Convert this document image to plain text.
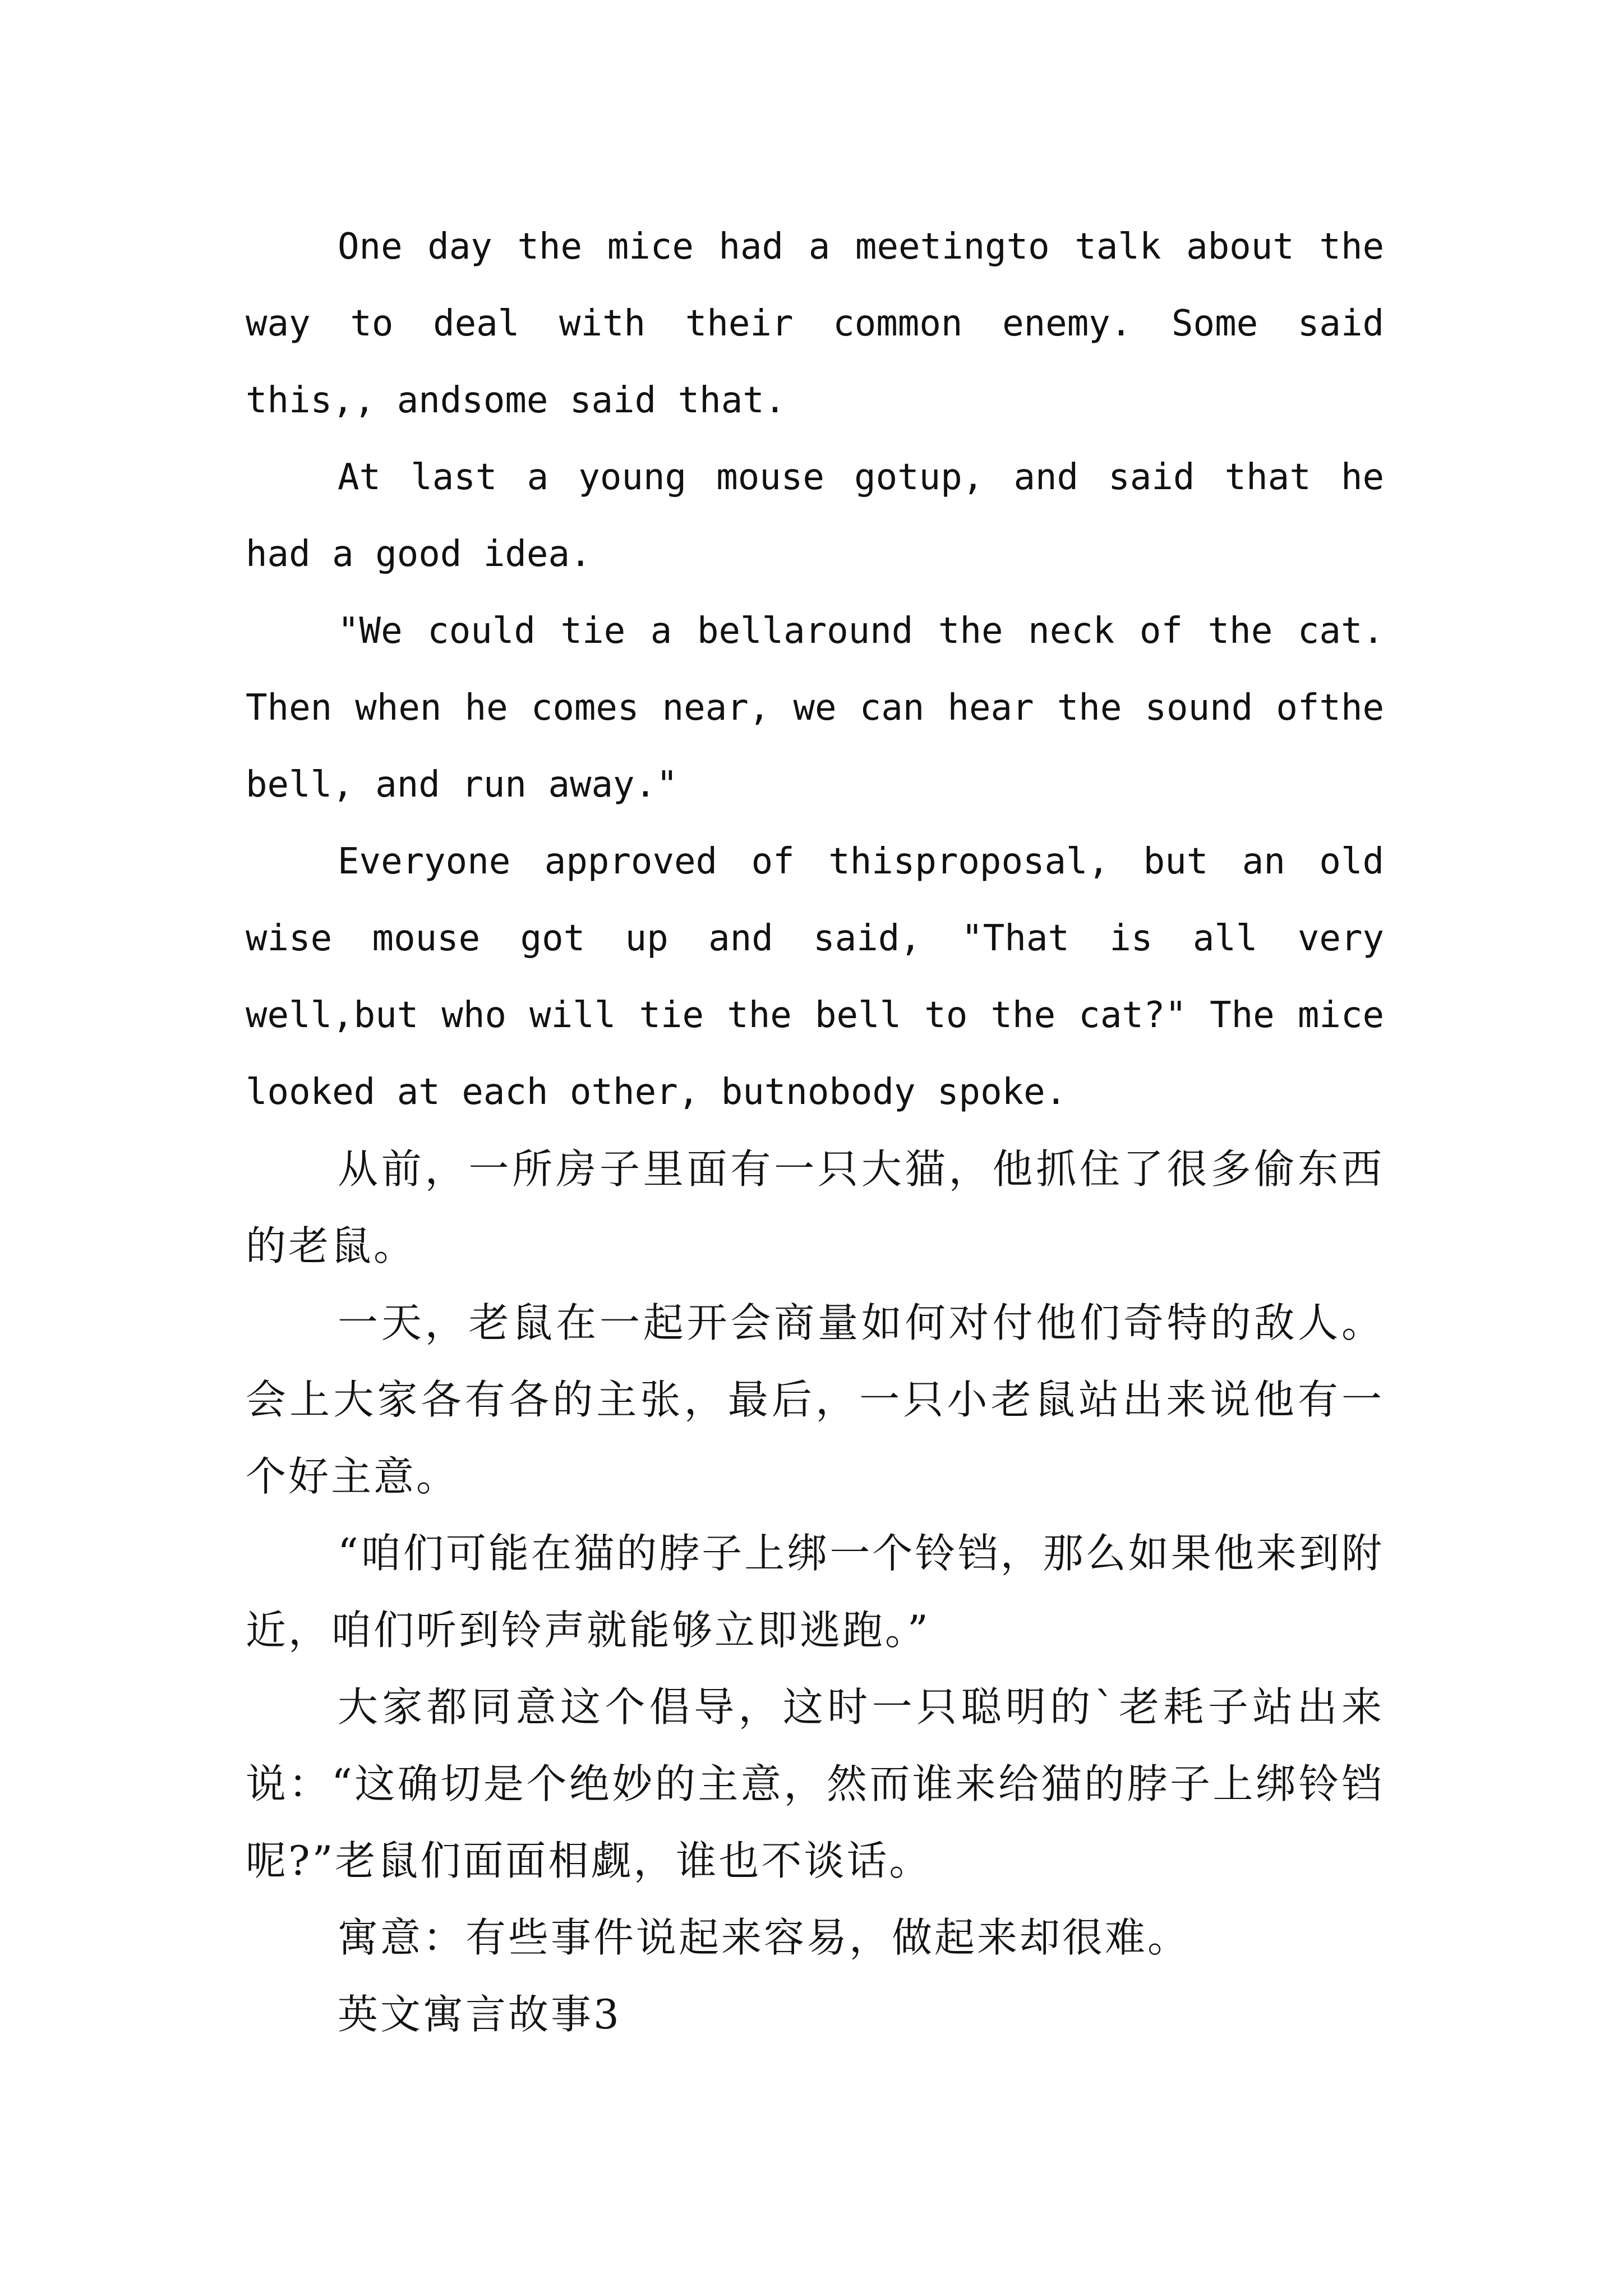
One day the mice had a meetingto talk about the way to deal with their common enemy. Some said this,, andsome said that.

At last a young mouse gotup, and said that he had a good idea.

"We could tie a bellaround the neck of the cat. Then when he comes near, we can hear the sound ofthe bell, and run away."

Everyone approved of thisproposal, but an old wise mouse got up and said, "That is all very well,but who will tie the bell to the cat?" The mice looked at each other, butnobody spoke.

从前，一所房子里面有一只大猫，他抓住了很多偷东西的老鼠。

一天，老鼠在一起开会商量如何对付他们奇特的敌人。会上大家各有各的主张，最后，一只小老鼠站出来说他有一个好主意。

“咱们可能在猫的脖子上绑一个铃铛，那么如果他来到附近，咱们听到铃声就能够立即逃跑。”

大家都同意这个倡导，这时一只聪明的`老耗子站出来说：“这确切是个绝妙的主意，然而谁来给猫的脖子上绑铃铛呢?”老鼠们面面相觑，谁也不谈话。

寓意：有些事件说起来容易，做起来却很难。

英文寓言故事3
